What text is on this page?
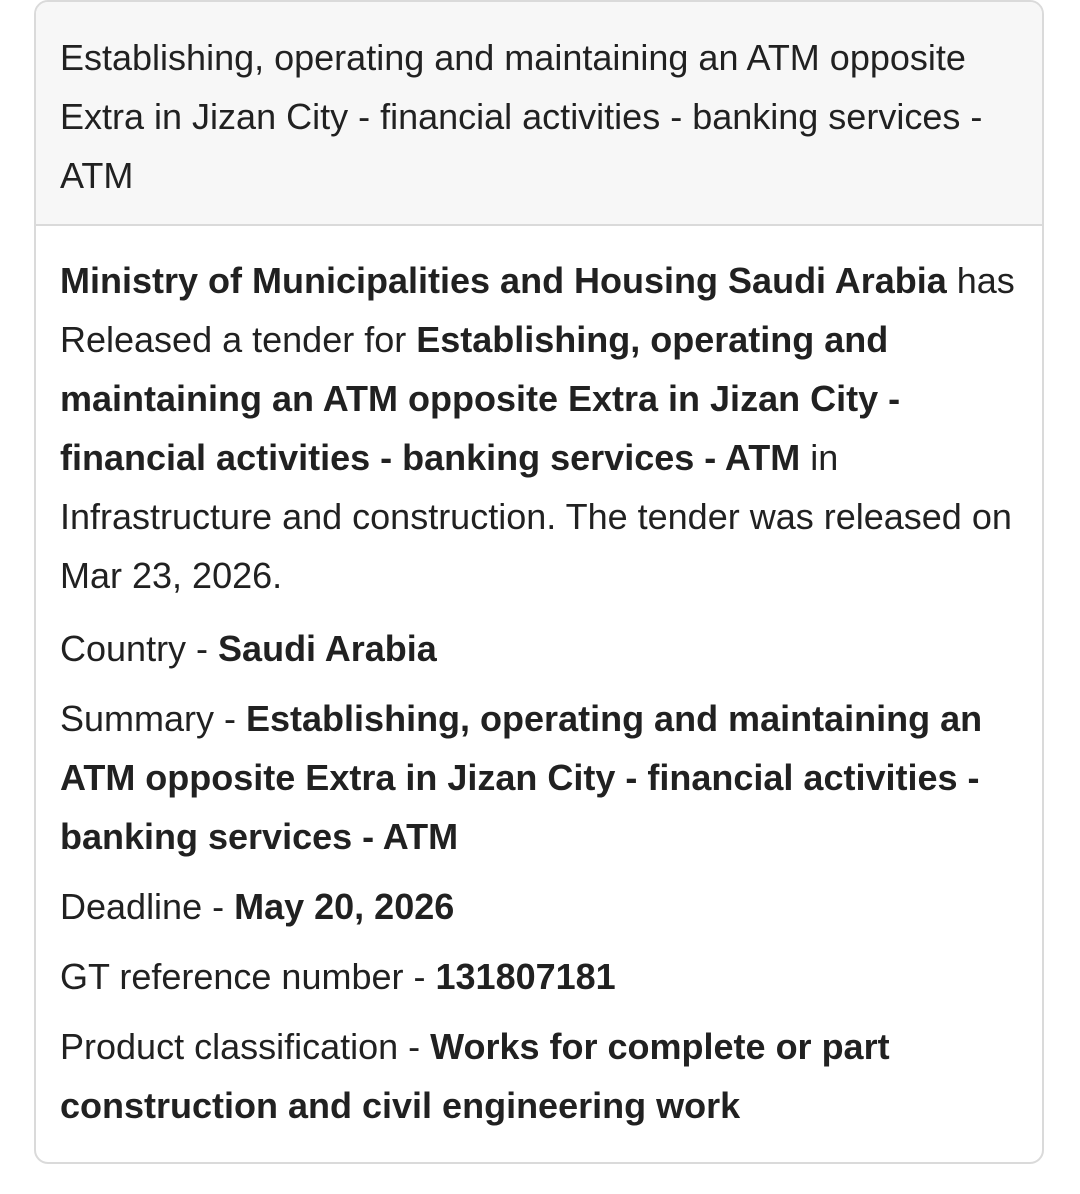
Establishing, operating and maintaining an ATM opposite Extra in Jizan City - financial activities - banking services - ATM

Ministry of Municipalities and Housing Saudi Arabia has Released a tender for Establishing, operating and maintaining an ATM opposite Extra in Jizan City - financial activities - banking services - ATM in Infrastructure and construction. The tender was released on Mar 23, 2026.

Country - Saudi Arabia
Summary - Establishing, operating and maintaining an ATM opposite Extra in Jizan City - financial activities - banking services - ATM
Deadline - May 20, 2026
GT reference number - 131807181
Product classification - Works for complete or part construction and civil engineering work
